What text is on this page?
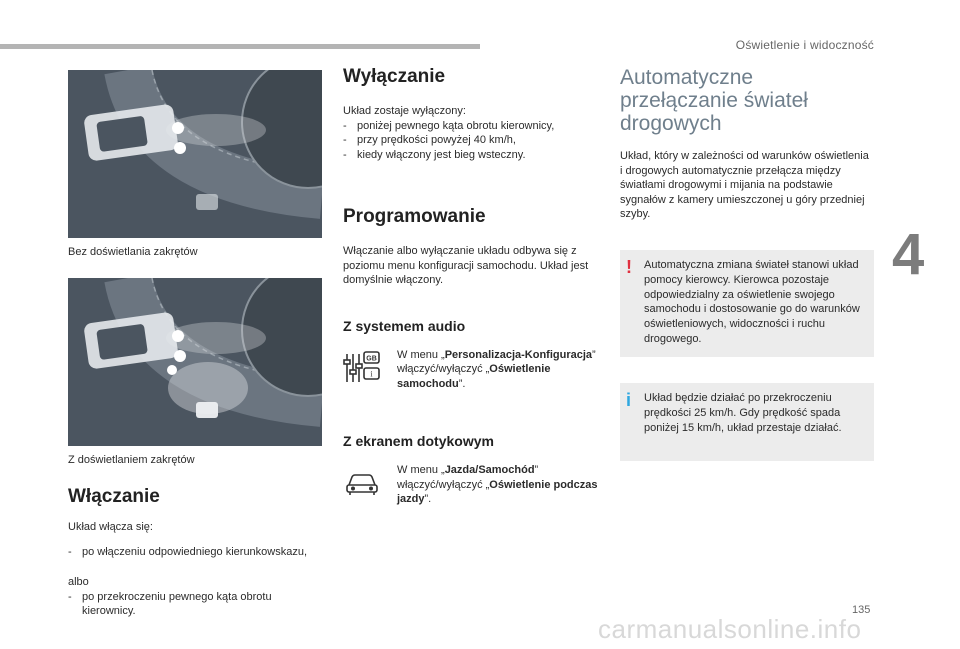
Oświetlenie i widoczność
4
Bez doświetlania zakrętów
Z doświetlaniem zakrętów
Włączanie

Układ włącza się:

- po włączeniu odpowiedniego kierunkowskazu,

albo

- po przekroczeniu pewnego kąta obrotu kierownicy.
Wyłączanie

Układ zostaje wyłączony:

- poniżej pewnego kąta obrotu kierownicy,
- przy prędkości powyżej 40 km/h,
- kiedy włączony jest bieg wsteczny.
Programowanie

Włączanie albo wyłączanie układu odbywa się z poziomu menu konfiguracji samochodu. Układ jest domyślnie włączony.

Z systemem audio
GB
i
W menu „Personalizacja-Konfiguracja” włączyć/wyłączyć „Oświetlenie samochodu”.
Z ekranem dotykowym
W menu „Jazda/Samochód” włączyć/wyłączyć „Oświetlenie podczas jazdy”.
Automatyczne przełączanie świateł drogowych

Układ, który w zależności od warunków oświetlenia i drogowych automatycznie przełącza między światłami drogowymi i mijania na podstawie sygnałów z kamery umieszczonej u góry przedniej szyby.

! Automatyczna zmiana świateł stanowi układ pomocy kierowcy. Kierowca pozostaje odpowiedzialny za oświetlenie swojego samochodu i dostosowanie go do warunków oświetleniowych, widoczności i ruchu drogowego.

i Układ będzie działać po przekroczeniu prędkości 25 km/h. Gdy prędkość spada poniżej 15 km/h, układ przestaje działać.

135
carmanualsonline.info
